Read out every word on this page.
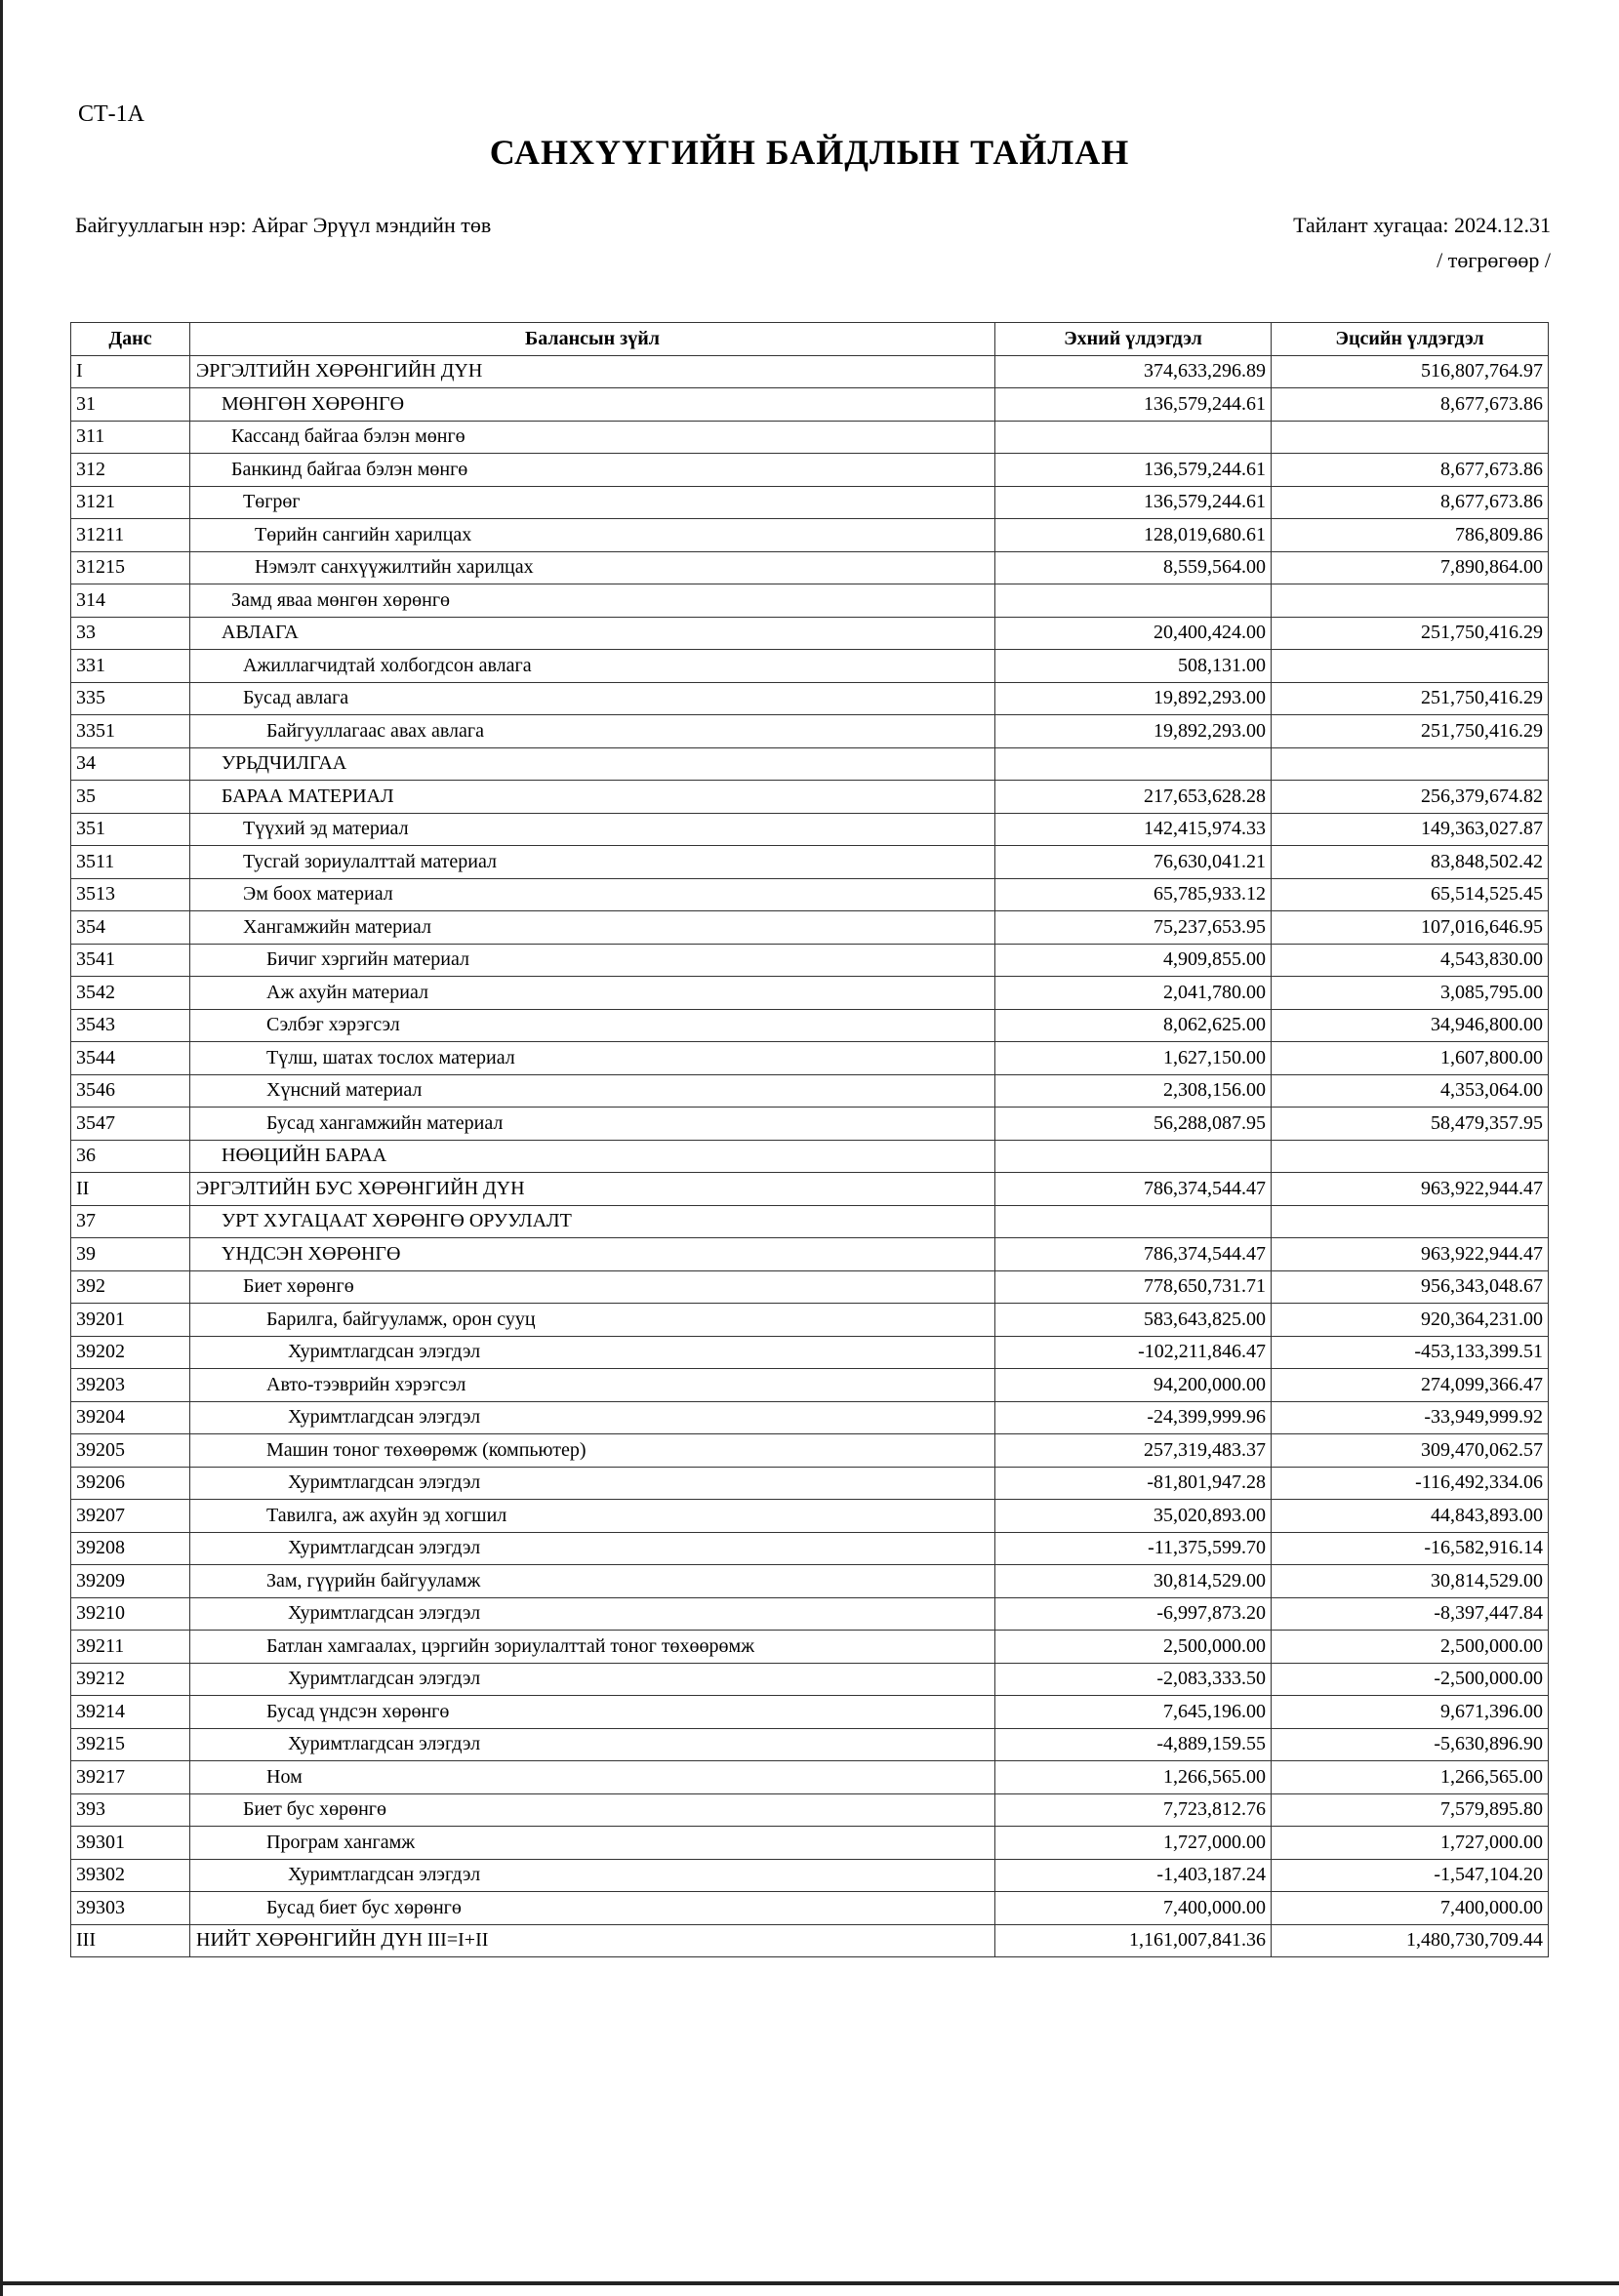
СТ-1А
САНХҮҮГИЙН БАЙДЛЫН ТАЙЛАН
Байгууллагын нэр: Айраг Эрүүл мэндийн төв	Тайлант хугацаа: 2024.12.31
/ төгрөгөөр /
Данс	Балансын зүйл	Эхний үлдэгдэл	Эцсийн үлдэгдэл
I	ЭРГЭЛТИЙН ХӨРӨНГИЙН ДҮН	374,633,296.89	516,807,764.97
31	МӨНГӨН ХӨРӨНГӨ	136,579,244.61	8,677,673.86
311	Кассанд байгаа бэлэн мөнгө		
312	Банкинд байгаа бэлэн мөнгө	136,579,244.61	8,677,673.86
3121	Төгрөг	136,579,244.61	8,677,673.86
31211	Төрийн сангийн харилцах	128,019,680.61	786,809.86
31215	Нэмэлт санхүүжилтийн харилцах	8,559,564.00	7,890,864.00
314	Замд яваа мөнгөн хөрөнгө		
33	АВЛАГА	20,400,424.00	251,750,416.29
331	Ажиллагчидтай холбогдсон авлага	508,131.00	
335	Бусад авлага	19,892,293.00	251,750,416.29
3351	Байгууллагаас авах авлага	19,892,293.00	251,750,416.29
34	УРЬДЧИЛГАА		
35	БАРАА МАТЕРИАЛ	217,653,628.28	256,379,674.82
351	Түүхий эд материал	142,415,974.33	149,363,027.87
3511	Тусгай зориулалттай материал	76,630,041.21	83,848,502.42
3513	Эм боох материал	65,785,933.12	65,514,525.45
354	Хангамжийн материал	75,237,653.95	107,016,646.95
3541	Бичиг хэргийн материал	4,909,855.00	4,543,830.00
3542	Аж ахуйн материал	2,041,780.00	3,085,795.00
3543	Сэлбэг хэрэгсэл	8,062,625.00	34,946,800.00
3544	Түлш, шатах тослох материал	1,627,150.00	1,607,800.00
3546	Хүнсний материал	2,308,156.00	4,353,064.00
3547	Бусад хангамжийн материал	56,288,087.95	58,479,357.95
36	НӨӨЦИЙН БАРАА		
II	ЭРГЭЛТИЙН БУС ХӨРӨНГИЙН ДҮН	786,374,544.47	963,922,944.47
37	УРТ ХУГАЦААТ ХӨРӨНГӨ ОРУУЛАЛТ		
39	ҮНДСЭН ХӨРӨНГӨ	786,374,544.47	963,922,944.47
392	Биет хөрөнгө	778,650,731.71	956,343,048.67
39201	Барилга, байгууламж, орон сууц	583,643,825.00	920,364,231.00
39202	Хуримтлагдсан элэгдэл	-102,211,846.47	-453,133,399.51
39203	Авто-тээврийн хэрэгсэл	94,200,000.00	274,099,366.47
39204	Хуримтлагдсан элэгдэл	-24,399,999.96	-33,949,999.92
39205	Машин тоног төхөөрөмж (компьютер)	257,319,483.37	309,470,062.57
39206	Хуримтлагдсан элэгдэл	-81,801,947.28	-116,492,334.06
39207	Тавилга, аж ахуйн эд хогшил	35,020,893.00	44,843,893.00
39208	Хуримтлагдсан элэгдэл	-11,375,599.70	-16,582,916.14
39209	Зам, гүүрийн байгууламж	30,814,529.00	30,814,529.00
39210	Хуримтлагдсан элэгдэл	-6,997,873.20	-8,397,447.84
39211	Батлан хамгаалах, цэргийн зориулалттай тоног төхөөрөмж	2,500,000.00	2,500,000.00
39212	Хуримтлагдсан элэгдэл	-2,083,333.50	-2,500,000.00
39214	Бусад үндсэн хөрөнгө	7,645,196.00	9,671,396.00
39215	Хуримтлагдсан элэгдэл	-4,889,159.55	-5,630,896.90
39217	Ном	1,266,565.00	1,266,565.00
393	Биет бус хөрөнгө	7,723,812.76	7,579,895.80
39301	Програм хангамж	1,727,000.00	1,727,000.00
39302	Хуримтлагдсан элэгдэл	-1,403,187.24	-1,547,104.20
39303	Бусад биет бус хөрөнгө	7,400,000.00	7,400,000.00
III	НИЙТ ХӨРӨНГИЙН ДҮН III=I+II	1,161,007,841.36	1,480,730,709.44
